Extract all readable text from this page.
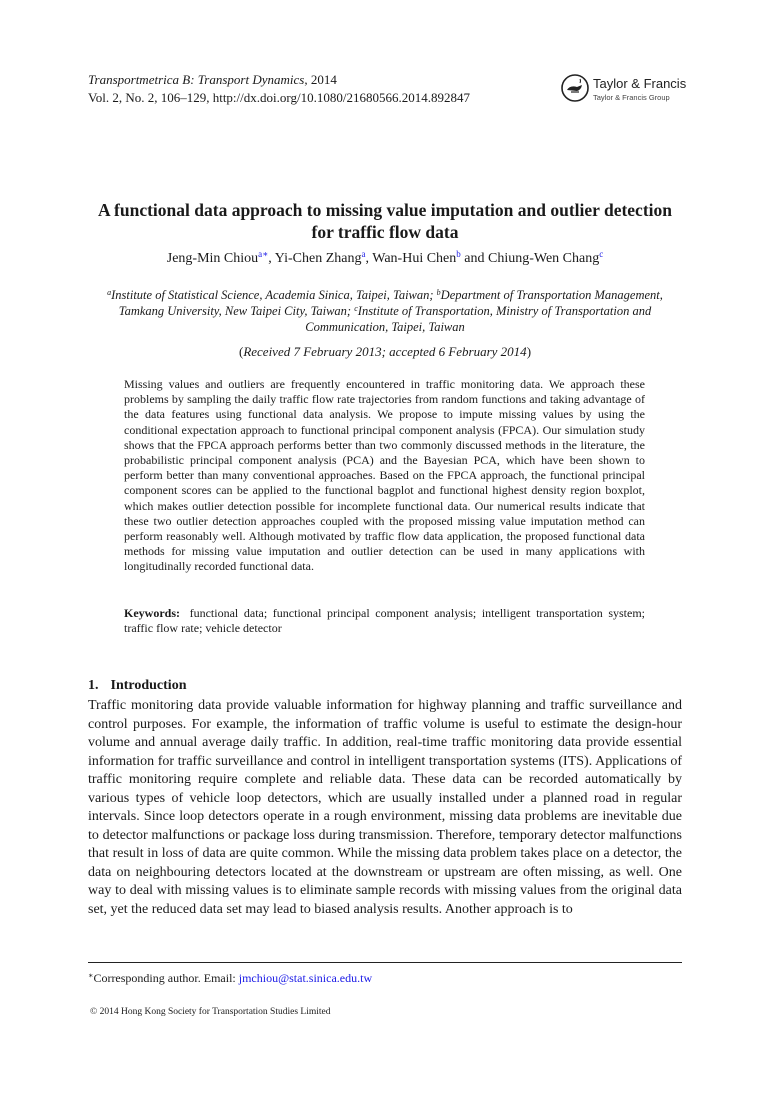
Transportmetrica B: Transport Dynamics, 2014
Vol. 2, No. 2, 106–129, http://dx.doi.org/10.1080/21680566.2014.892847
Taylor & Francis
Taylor & Francis Group
A functional data approach to missing value imputation and outlier detection for traffic flow data
Jeng-Min Chiou$^{a∗}$, Yi-Chen Zhang$^a$, Wan-Hui Chen$^b$ and Chiung-Wen Chang$^c$
$^a$Institute of Statistical Science, Academia Sinica, Taipei, Taiwan; $^b$Department of Transportation Management, Tamkang University, New Taipei City, Taiwan; $^c$Institute of Transportation, Ministry of Transportation and Communication, Taipei, Taiwan
(Received 7 February 2013; accepted 6 February 2014)
Missing values and outliers are frequently encountered in traffic monitoring data. We approach these problems by sampling the daily traffic flow rate trajectories from random functions and taking advantage of the data features using functional data analysis. We propose to impute missing values by using the conditional expectation approach to functional principal component analysis (FPCA). Our simulation study shows that the FPCA approach performs better than two commonly discussed methods in the literature, the probabilistic principal component analysis (PCA) and the Bayesian PCA, which have been shown to perform better than many conventional approaches. Based on the FPCA approach, the functional principal component scores can be applied to the functional bagplot and functional highest density region boxplot, which makes outlier detection possible for incomplete functional data. Our numerical results indicate that these two outlier detection approaches coupled with the proposed missing value imputation method can perform reasonably well. Although motivated by traffic flow data application, the proposed functional data methods for missing value imputation and outlier detection can be used in many applications with longitudinally recorded functional data.
Keywords: functional data; functional principal component analysis; intelligent transportation system; traffic flow rate; vehicle detector
1. Introduction
Traffic monitoring data provide valuable information for highway planning and traffic surveillance and control purposes. For example, the information of traffic volume is useful to estimate the design-hour volume and annual average daily traffic. In addition, real-time traffic monitoring data provide essential information for traffic surveillance and control in intelligent transportation systems (ITS). Applications of traffic monitoring require complete and reliable data. These data can be recorded automatically by various types of vehicle loop detectors, which are usually installed under a planned road in regular intervals. Since loop detectors operate in a rough environment, missing data problems are inevitable due to detector malfunctions or package loss during transmission. Therefore, temporary detector malfunctions that result in loss of data are quite common. While the missing data problem takes place on a detector, the data on neighbouring detectors located at the downstream or upstream are often missing, as well. One way to deal with missing values is to eliminate sample records with missing values from the original data set, yet the reduced data set may lead to biased analysis results. Another approach is to
∗Corresponding author. Email: jmchiou@stat.sinica.edu.tw
© 2014 Hong Kong Society for Transportation Studies Limited
